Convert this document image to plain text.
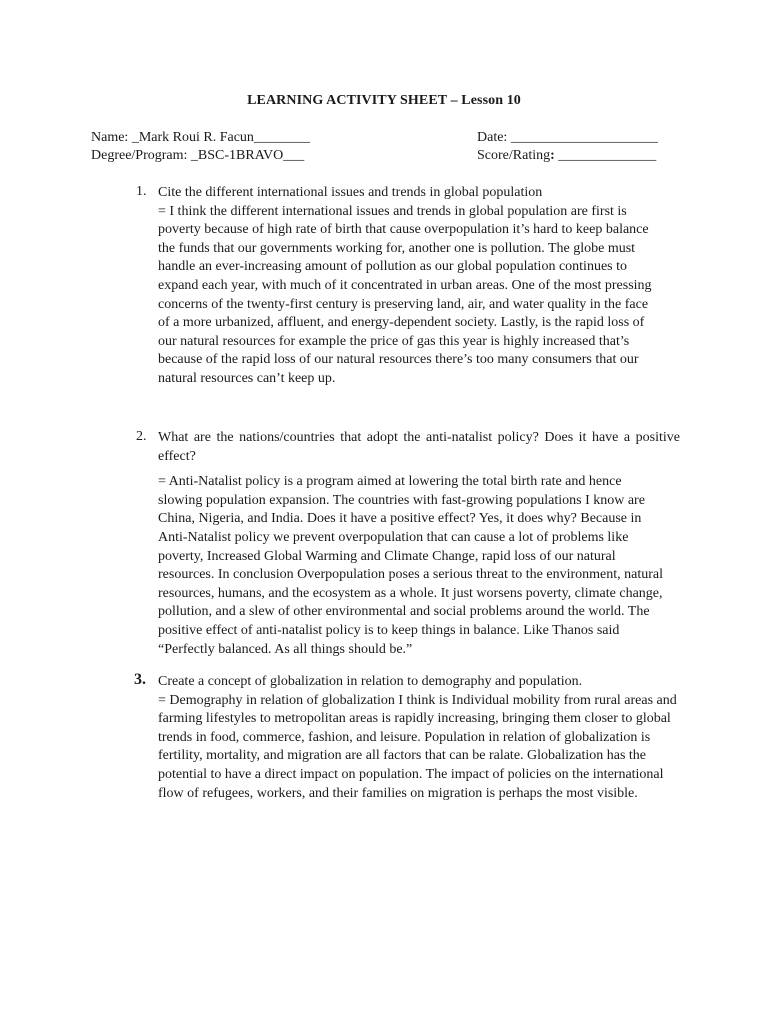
LEARNING ACTIVITY SHEET – Lesson 10
Name: _Mark Roui R. Facun________	Date: _____________________
Degree/Program: _BSC-1BRAVO___	Score/Rating: ______________
1. Cite the different international issues and trends in global population

= I think the different international issues and trends in global population are first is poverty because of high rate of birth that cause overpopulation it’s hard to keep balance the funds that our governments working for, another one is pollution. The globe must handle an ever-increasing amount of pollution as our global population continues to expand each year, with much of it concentrated in urban areas. One of the most pressing concerns of the twenty-first century is preserving land, air, and water quality in the face of a more urbanized, affluent, and energy-dependent society. Lastly, is the rapid loss of our natural resources for example the price of gas this year is highly increased that’s because of the rapid loss of our natural resources there’s too many consumers that our natural resources can’t keep up.

2. What are the nations/countries that adopt the anti-natalist policy? Does it have a positive effect?

= Anti-Natalist policy is a program aimed at lowering the total birth rate and hence slowing population expansion. The countries with fast-growing populations I know are China, Nigeria, and India. Does it have a positive effect? Yes, it does why? Because in Anti-Natalist policy we prevent overpopulation that can cause a lot of problems like poverty, Increased Global Warming and Climate Change, rapid loss of our natural resources. In conclusion Overpopulation poses a serious threat to the environment, natural resources, humans, and the ecosystem as a whole. It just worsens poverty, climate change, pollution, and a slew of other environmental and social problems around the world. The positive effect of anti-natalist policy is to keep things in balance. Like Thanos said “Perfectly balanced. As all things should be.”

3. Create a concept of globalization in relation to demography and population.

= Demography in relation of globalization I think is Individual mobility from rural areas and farming lifestyles to metropolitan areas is rapidly increasing, bringing them closer to global trends in food, commerce, fashion, and leisure. Population in relation of globalization is fertility, mortality, and migration are all factors that can be ralate. Globalization has the potential to have a direct impact on population. The impact of policies on the international flow of refugees, workers, and their families on migration is perhaps the most visible.
